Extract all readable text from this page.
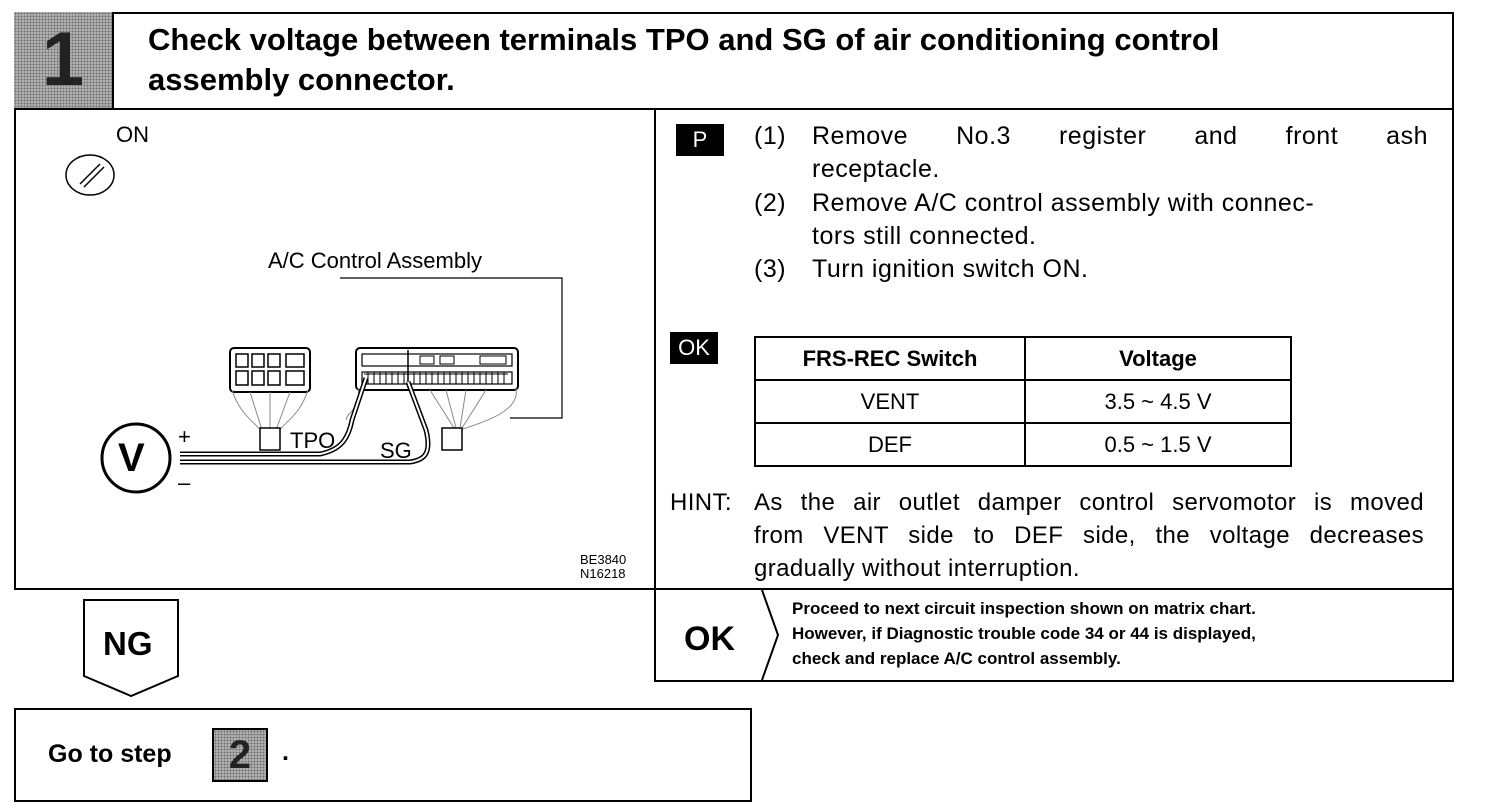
1	Check voltage between terminals TPO and SG of air conditioning control
assembly connector.
ON
A/C Control Assembly
V +
–
TPO SG
BE3840
N16218
P	(1) Remove No.3 register and front ash
receptacle.
(2) Remove A/C control assembly with connec-
tors still connected.
(3) Turn ignition switch ON.
OK	FRS-REC Switch	Voltage
VENT	3.5 ~ 4.5 V
DEF	0.5 ~ 1.5 V
HINT: As the air outlet damper control servomotor is moved
from VENT side to DEF side, the voltage decreases
gradually without interruption.
OK
Proceed to next circuit inspection shown on matrix chart.
However, if Diagnostic trouble code 34 or 44 is displayed,
check and replace A/C control assembly.
NG
Go to step	2	.
